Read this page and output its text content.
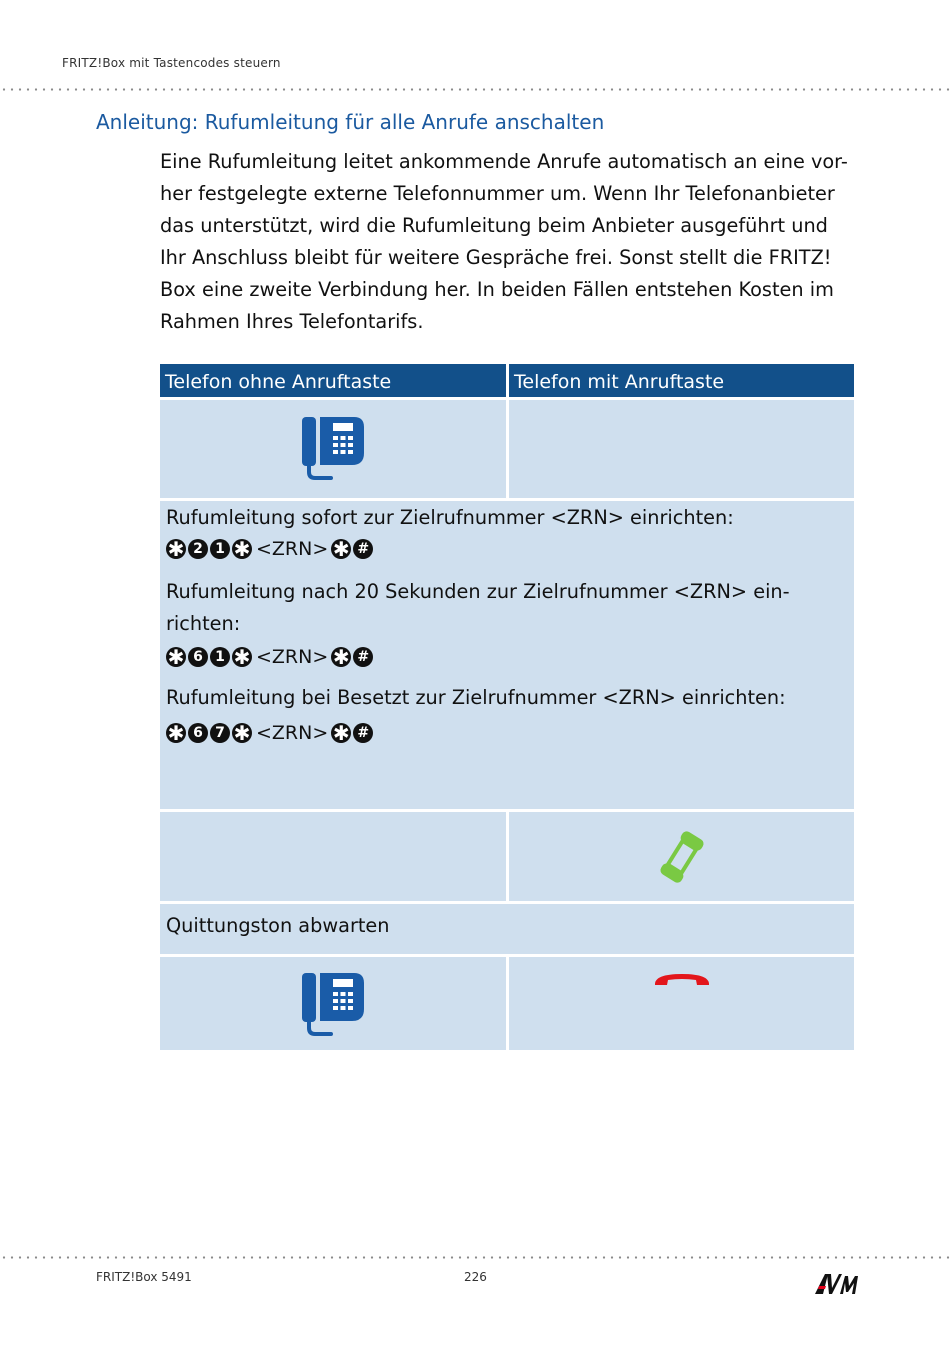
FRITZ!Box mit Tastencodes steuern
Anleitung: Rufumleitung für alle Anrufe anschalten
Eine Rufumleitung leitet ankommende Anrufe automatisch an eine vor-
her festgelegte externe Telefonnummer um. Wenn Ihr Telefonanbieter
das unterstützt, wird die Rufumleitung beim Anbieter ausgeführt und
Ihr Anschluss bleibt für weitere Gespräche frei. Sonst stellt die FRITZ!
Box eine zweite Verbindung her. In beiden Fällen entstehen Kosten im
Rahmen Ihres Telefontarifs.
Telefon ohne Anruftaste	Telefon mit Anruftaste
Rufumleitung sofort zur Zielrufnummer <ZRN> einrichten:
✱ 2 1 ✱ <ZRN> ✱ #
Rufumleitung nach 20 Sekunden zur Zielrufnummer <ZRN> ein-
richten:
✱ 6 1 ✱ <ZRN> ✱ #
Rufumleitung bei Besetzt zur Zielrufnummer <ZRN> einrichten:
✱ 6 7 ✱ <ZRN> ✱ #
Quittungston abwarten
FRITZ!Box 5491	226
